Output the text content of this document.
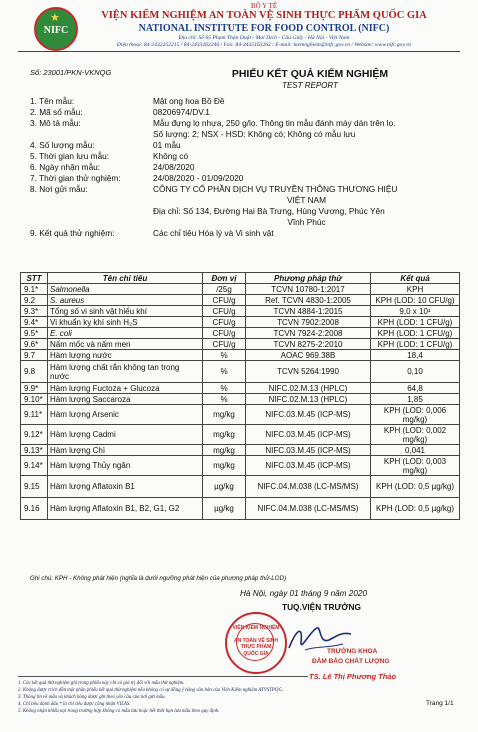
★
NIFC
BỘ Y TẾ
VIỆN KIỂM NGHIỆM AN TOÀN VỆ SINH THỰC PHẨM QUỐC GIA
NATIONAL INSTITUTE FOR FOOD CONTROL (NIFC)
Địa chỉ: Số 65 Phạm Thận Duật - Mai Dịch - Cầu Giấy - Hà Nội - Việt Nam
Điện thoại: 84-2432252215 / 84-2433262246 / Fax: 84-2435163262 / E-mail: kiemnghiem@nifc.gov.vn / Website: www.nifc.gov.vn
Số: 23001/PKN-VKNQG	PHIẾU KẾT QUẢ KIỂM NGHIỆM
TEST REPORT
1. Tên mẫu:	Mật ong hoa Bồ Đề
2. Mã số mẫu:	08206974/DV.1
3. Mô tả mẫu:	Mẫu đựng lọ nhựa, 250 g/lọ. Thông tin mẫu đánh máy dán trên lọ.
Số lượng: 2; NSX - HSD: Không có; Không có mẫu lưu
4. Số lượng mẫu:	01 mẫu
5. Thời gian lưu mẫu:	Không có
6. Ngày nhận mẫu:	24/08/2020
7. Thời gian thử nghiệm:	24/08/2020 - 01/09/2020
8. Nơi gửi mẫu:	CÔNG TY CỔ PHẦN DỊCH VỤ TRUYỀN THÔNG THƯƠNG HIỆU
VIỆT NAM
Địa chỉ: Số 134, Đường Hai Bà Trưng, Hùng Vương, Phúc Yên
Vĩnh Phúc
9. Kết quả thử nghiệm:	Các chỉ tiêu Hóa lý và Vi sinh vật
STT	Tên chỉ tiêu	Đơn vị	Phương pháp thử	Kết quả
9.1*	Salmonella	/25g	TCVN 10780-1:2017	KPH
9.2	S. aureus	CFU/g	Ref. TCVN 4830-1:2005	KPH (LOD: 10 CFU/g)
9.3*	Tổng số vi sinh vật hiếu khí	CFU/g	TCVN 4884-1:2015	9,0 x 10¹
9.4*	Vi khuẩn kỵ khí sinh H₂S	CFU/g	TCVN 7902:2008	KPH (LOD: 1 CFU/g)
9.5*	E. coli	CFU/g	TCVN 7924-2:2008	KPH (LOD: 1 CFU/g)
9.6*	Nấm mốc và nấm men	CFU/g	TCVN 8275-2:2010	KPH (LOD: 1 CFU/g)
9.7	Hàm lượng nước	%	AOAC 969.38B	18,4
9.8	Hàm lượng chất rắn không tan trong nước	%	TCVN 5264:1990	0,10
9.9*	Hàm lượng Fuctoza + Glucoza	%	NIFC.02.M.13 (HPLC)	64,8
9.10*	Hàm lượng Saccaroza	%	NIFC.02.M.13 (HPLC)	1,85
9.11*	Hàm lượng Arsenic	mg/kg	NIFC.03.M.45 (ICP-MS)	KPH (LOD: 0,006 mg/kg)
9.12*	Hàm lượng Cadmi	mg/kg	NIFC.03.M.45 (ICP-MS)	KPH (LOD: 0,002 mg/kg)
9.13*	Hàm lượng Chì	mg/kg	NIFC.03.M.45 (ICP-MS)	0,041
9.14*	Hàm lượng Thủy ngân	mg/kg	NIFC.03.M.45 (ICP-MS)	KPH (LOD: 0,003 mg/kg)
9.15	Hàm lượng Aflatoxin B1	µg/kg	NIFC.04.M.038 (LC-MS/MS)	KPH (LOD: 0,5 µg/kg)
9.16	Hàm lượng Aflatoxin B1, B2, G1, G2	µg/kg	NIFC.04.M.038 (LC-MS/MS)	KPH (LOD: 0,5 µg/kg)
Ghi chú: KPH - Không phát hiện (nghĩa là dưới ngưỡng phát hiện của phương pháp thử-LOD)
Hà Nội, ngày 01 tháng 9 năm 2020
TUQ.VIỆN TRƯỞNG
VIỆN KIỂM NGHIỆM
AN TOÀN VỆ SINH THỰC PHẨM
QUỐC GIA	TRƯỞNG KHOA
ĐẢM BẢO CHẤT LƯỢNG
TS. Lê Thị Phương Thảo
1. Các kết quả thử nghiệm ghi trong phiếu này chỉ có giá trị đối với mẫu thử nghiệm.
2. Không được trích dẫn một phần phiếu kết quả thử nghiệm nếu không có sự đồng ý bằng văn bản của Viện Kiểm nghiệm ATVSTPQG.
3. Thông tin về mẫu và khách hàng được ghi theo yêu cầu của nơi gửi mẫu.
4. Chỉ tiêu đánh dấu * là chỉ tiêu được công nhận VILAS.
5. Không nhận khiếu nại trong trường hợp không có mẫu lưu hoặc hết thời hạn lưu mẫu theo quy định.
Trang 1/1
